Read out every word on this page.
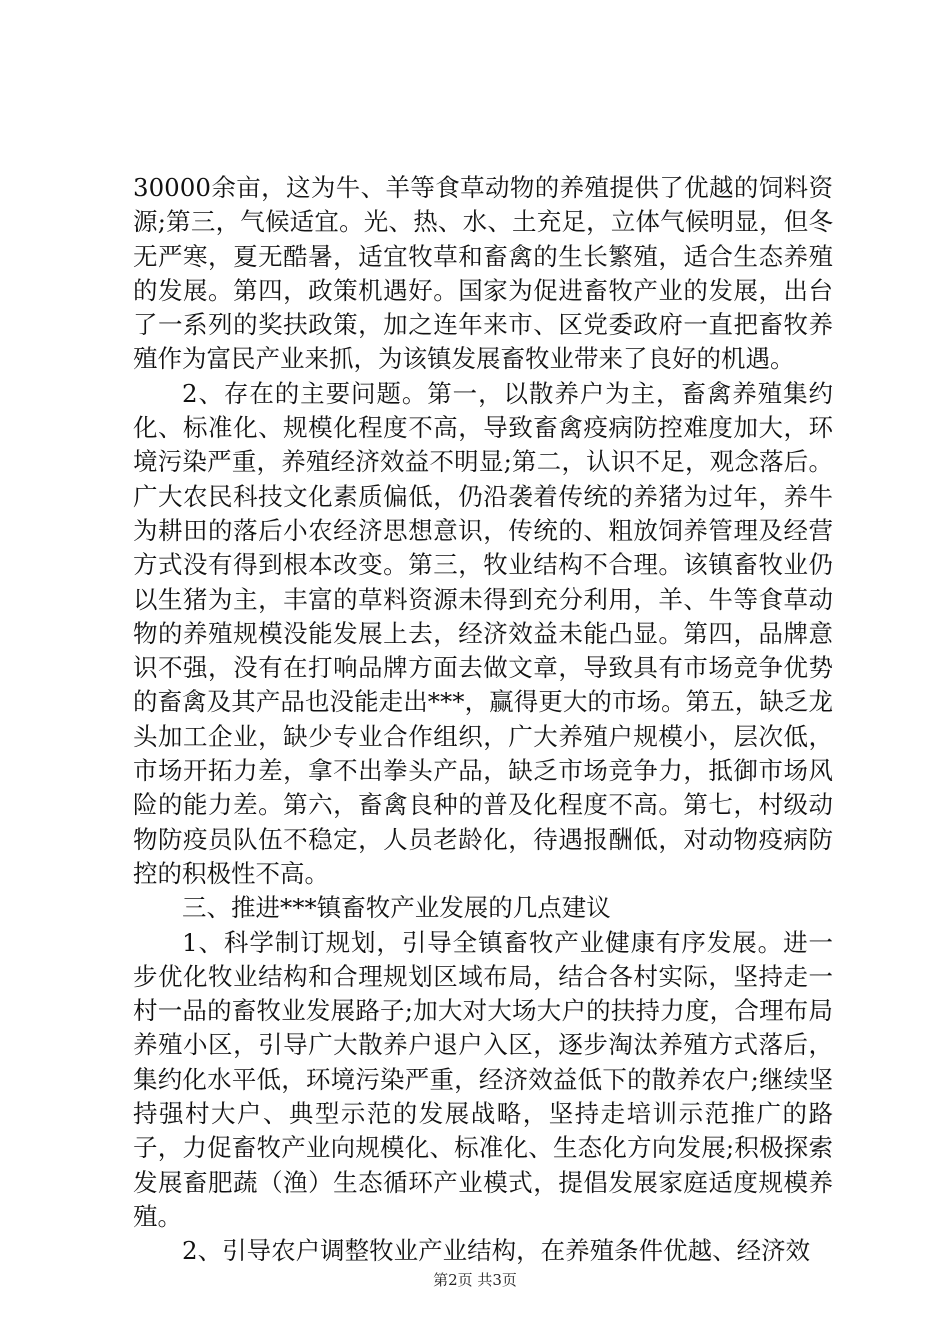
30000余亩，这为牛、羊等食草动物的养殖提供了优越的饲料资源;第三，气候适宜。光、热、水、土充足，立体气候明显，但冬无严寒，夏无酷暑，适宜牧草和畜禽的生长繁殖，适合生态养殖的发展。第四，政策机遇好。国家为促进畜牧产业的发展，出台了一系列的奖扶政策，加之连年来市、区党委政府一直把畜牧养殖作为富民产业来抓，为该镇发展畜牧业带来了良好的机遇。

2、存在的主要问题。第一，以散养户为主，畜禽养殖集约化、标准化、规模化程度不高，导致畜禽疫病防控难度加大，环境污染严重，养殖经济效益不明显;第二，认识不足，观念落后。广大农民科技文化素质偏低，仍沿袭着传统的养猪为过年，养牛为耕田的落后小农经济思想意识，传统的、粗放饲养管理及经营方式没有得到根本改变。第三，牧业结构不合理。该镇畜牧业仍以生猪为主，丰富的草料资源未得到充分利用，羊、牛等食草动物的养殖规模没能发展上去，经济效益未能凸显。第四，品牌意识不强，没有在打响品牌方面去做文章，导致具有市场竞争优势的畜禽及其产品也没能走出***，赢得更大的市场。第五，缺乏龙头加工企业，缺少专业合作组织，广大养殖户规模小，层次低，市场开拓力差，拿不出拳头产品，缺乏市场竞争力，抵御市场风险的能力差。第六，畜禽良种的普及化程度不高。第七，村级动物防疫员队伍不稳定，人员老龄化，待遇报酬低，对动物疫病防控的积极性不高。

三、推进***镇畜牧产业发展的几点建议

1、科学制订规划，引导全镇畜牧产业健康有序发展。进一步优化牧业结构和合理规划区域布局，结合各村实际，坚持走一村一品的畜牧业发展路子;加大对大场大户的扶持力度，合理布局养殖小区，引导广大散养户退户入区，逐步淘汰养殖方式落后，集约化水平低，环境污染严重，经济效益低下的散养农户;继续坚持强村大户、典型示范的发展战略，坚持走培训示范推广的路子，力促畜牧产业向规模化、标准化、生态化方向发展;积极探索发展畜肥蔬（渔）生态循环产业模式，提倡发展家庭适度规模养殖。

2、引导农户调整牧业产业结构，在养殖条件优越、经济效

第2页 共3页
